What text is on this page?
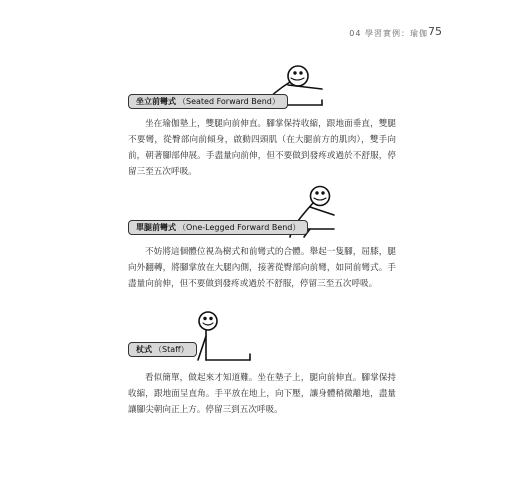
04 學習實例：瑜伽 75
坐立前彎式 （Seated Forward Bend）

坐在瑜伽墊上，雙腿向前伸直。腳掌保持收縮，跟地面垂直，雙腿不要彎，從臀部向前傾身，啟動四頭肌（在大腿前方的肌肉），雙手向前，朝著腳部伸展。手盡量向前伸，但不要做到發疼或過於不舒服，停留三至五次呼吸。

單腿前彎式 （One-Legged Forward Bend）

不妨將這個體位視為樹式和前彎式的合體。舉起一隻腳，屈膝，腿向外翻轉，將腳掌放在大腿內側，接著從臀部向前彎，如同前彎式。手盡量向前伸，但不要做到發疼或過於不舒服，停留三至五次呼吸。

杖式 （Staff）

看似簡單，做起來才知道難。坐在墊子上，腿向前伸直。腳掌保持收縮，跟地面呈直角。手平放在地上，向下壓，讓身體稍微離地，盡量讓腳尖朝向正上方。停留三到五次呼吸。
